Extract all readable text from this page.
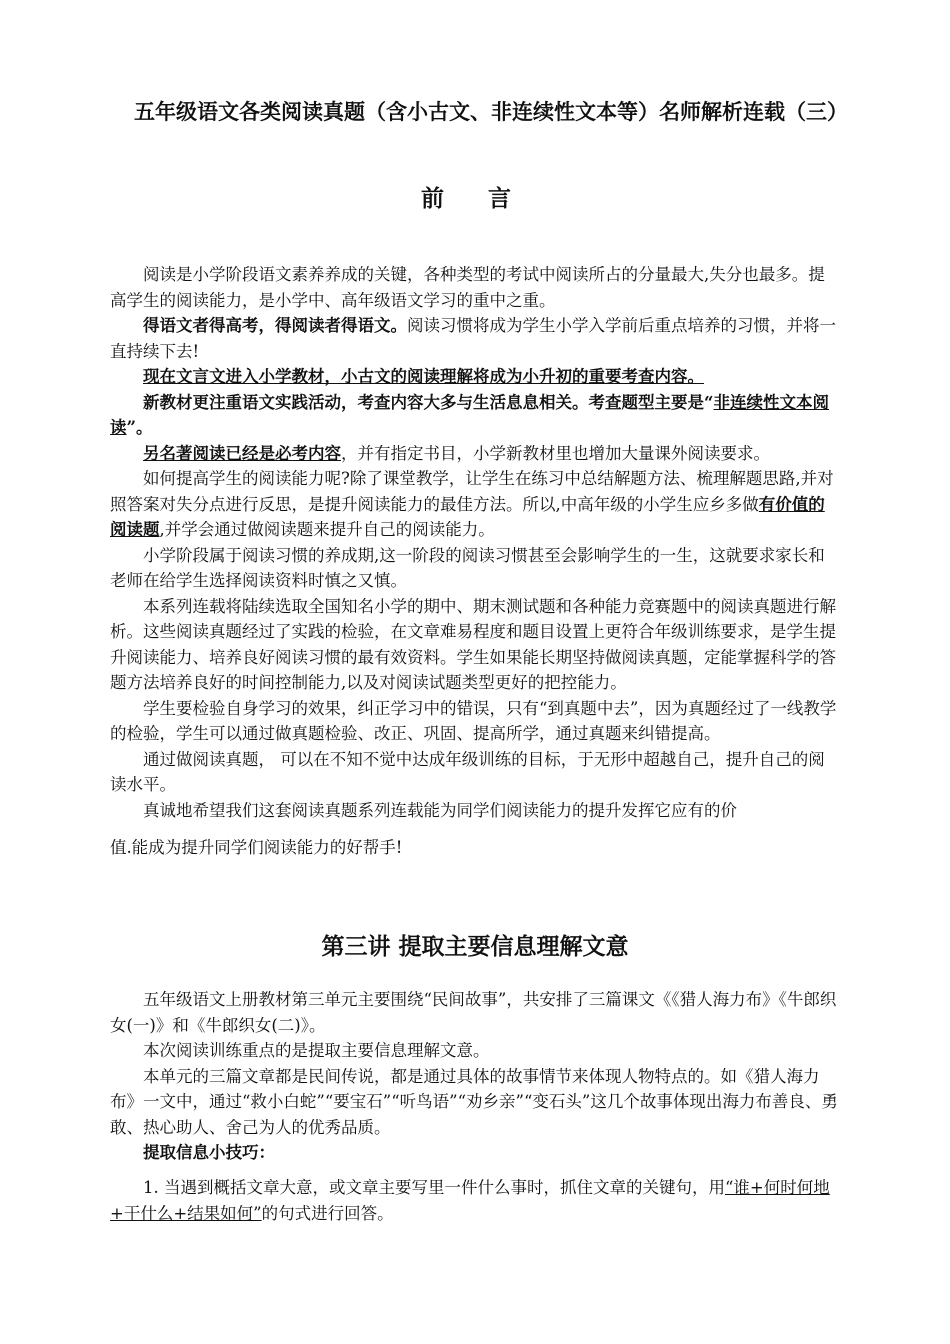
五年级语文各类阅读真题（含小古文、非连续性文本等）名师解析连载（三）
前 言

阅读是小学阶段语文素养养成的关键，各种类型的考试中阅读所占的分量最大,失分也最多。提高学生的阅读能力，是小学中、高年级语文学习的重中之重。

得语文者得高考，得阅读者得语文。阅读习惯将成为学生小学入学前后重点培养的习惯，并将一直持续下去!

现在文言文进入小学教材，小古文的阅读理解将成为小升初的重要考查内容。

新教材更注重语文实践活动，考查内容大多与生活息息相关。考查题型主要是“非连续性文本阅读”。

另名著阅读已经是必考内容，并有指定书目，小学新教材里也增加大量课外阅读要求。

如何提高学生的阅读能力呢?除了课堂教学，让学生在练习中总结解题方法、梳理解题思路,并对照答案对失分点进行反思，是提升阅读能力的最佳方法。所以,中高年级的小学生应乡多做有价值的阅读题,并学会通过做阅读题来提升自己的阅读能力。

小学阶段属于阅读习惯的养成期,这一阶段的阅读习惯甚至会影响学生的一生，这就要求家长和老师在给学生选择阅读资料时慎之又慎。

本系列连载将陆续选取全国知名小学的期中、期末测试题和各种能力竞赛题中的阅读真题进行解析。这些阅读真题经过了实践的检验，在文章难易程度和题目设置上更符合年级训练要求，是学生提升阅读能力、培养良好阅读习惯的最有效资料。学生如果能长期坚持做阅读真题，定能掌握科学的答题方法培养良好的时间控制能力,以及对阅读试题类型更好的把控能力。

学生要检验自身学习的效果，纠正学习中的错误，只有“到真题中去”，因为真题经过了一线教学的检验，学生可以通过做真题检验、改正、巩固、提高所学，通过真题来纠错提高。

通过做阅读真题， 可以在不知不觉中达成年级训练的目标，于无形中超越自己，提升自己的阅读水平。

真诚地希望我们这套阅读真题系列连载能为同学们阅读能力的提升发挥它应有的价

值.能成为提升同学们阅读能力的好帮手!

第三讲 提取主要信息理解文意

五年级语文上册教材第三单元主要围绕“民间故事”，共安排了三篇课文《《猎人海力布》《牛郎织女(一)》和《牛郎织女(二)》。

本次阅读训练重点的是提取主要信息理解文意。

本单元的三篇文章都是民间传说，都是通过具体的故事情节来体现人物特点的。如《猎人海力布》一文中，通过“救小白蛇”“要宝石”“听鸟语”“劝乡亲”“变石头”这几个故事体现出海力布善良、勇敢、热心助人、舍己为人的优秀品质。

提取信息小技巧：

1. 当遇到概括文章大意，或文章主要写里一件什么事时，抓住文章的关键句，用“谁+何时何地+干什么+结果如何”的句式进行回答。
